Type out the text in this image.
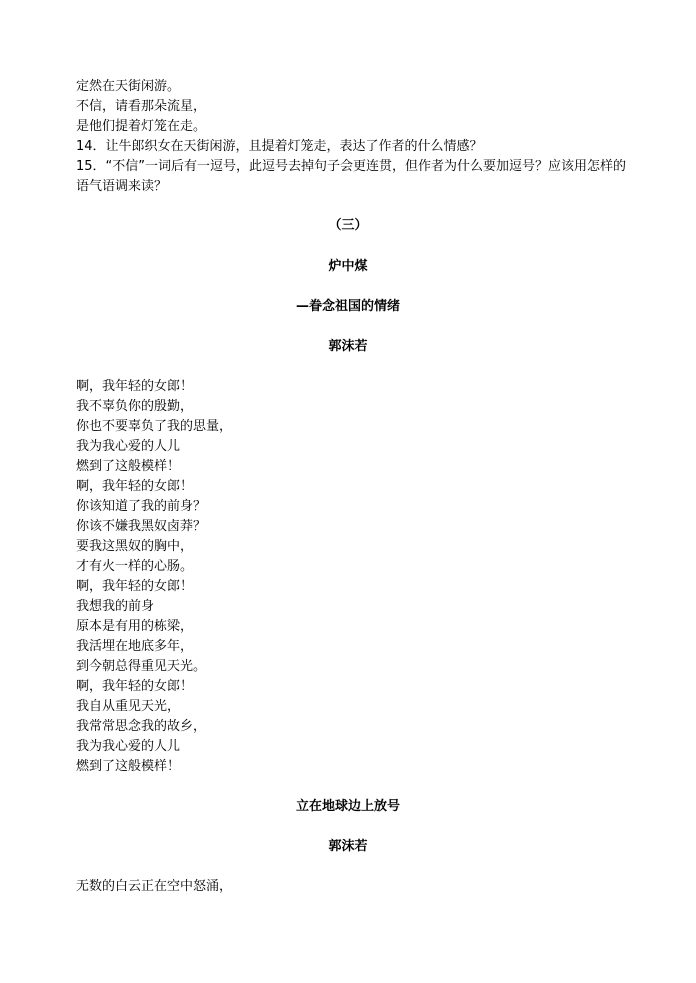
定然在天街闲游。
不信，请看那朵流星，
是他们提着灯笼在走。
14．让牛郎织女在天街闲游，且提着灯笼走，表达了作者的什么情感？
15．“不信”一词后有一逗号，此逗号去掉句子会更连贯，但作者为什么要加逗号？应该用怎样的
语气语调来读？
（三）
炉中煤
—眷念祖国的情绪
郭沫若
啊，我年轻的女郎！
我不辜负你的殷勤，
你也不要辜负了我的思量，
我为我心爱的人儿
燃到了这般模样！
啊，我年轻的女郎！
你该知道了我的前身？
你该不嫌我黑奴卤莽？
要我这黑奴的胸中，
才有火一样的心肠。
啊，我年轻的女郎！
我想我的前身
原本是有用的栋梁，
我活埋在地底多年，
到今朝总得重见天光。
啊，我年轻的女郎！
我自从重见天光，
我常常思念我的故乡，
我为我心爱的人儿
燃到了这般模样！
立在地球边上放号
郭沫若
无数的白云正在空中怒涌，
